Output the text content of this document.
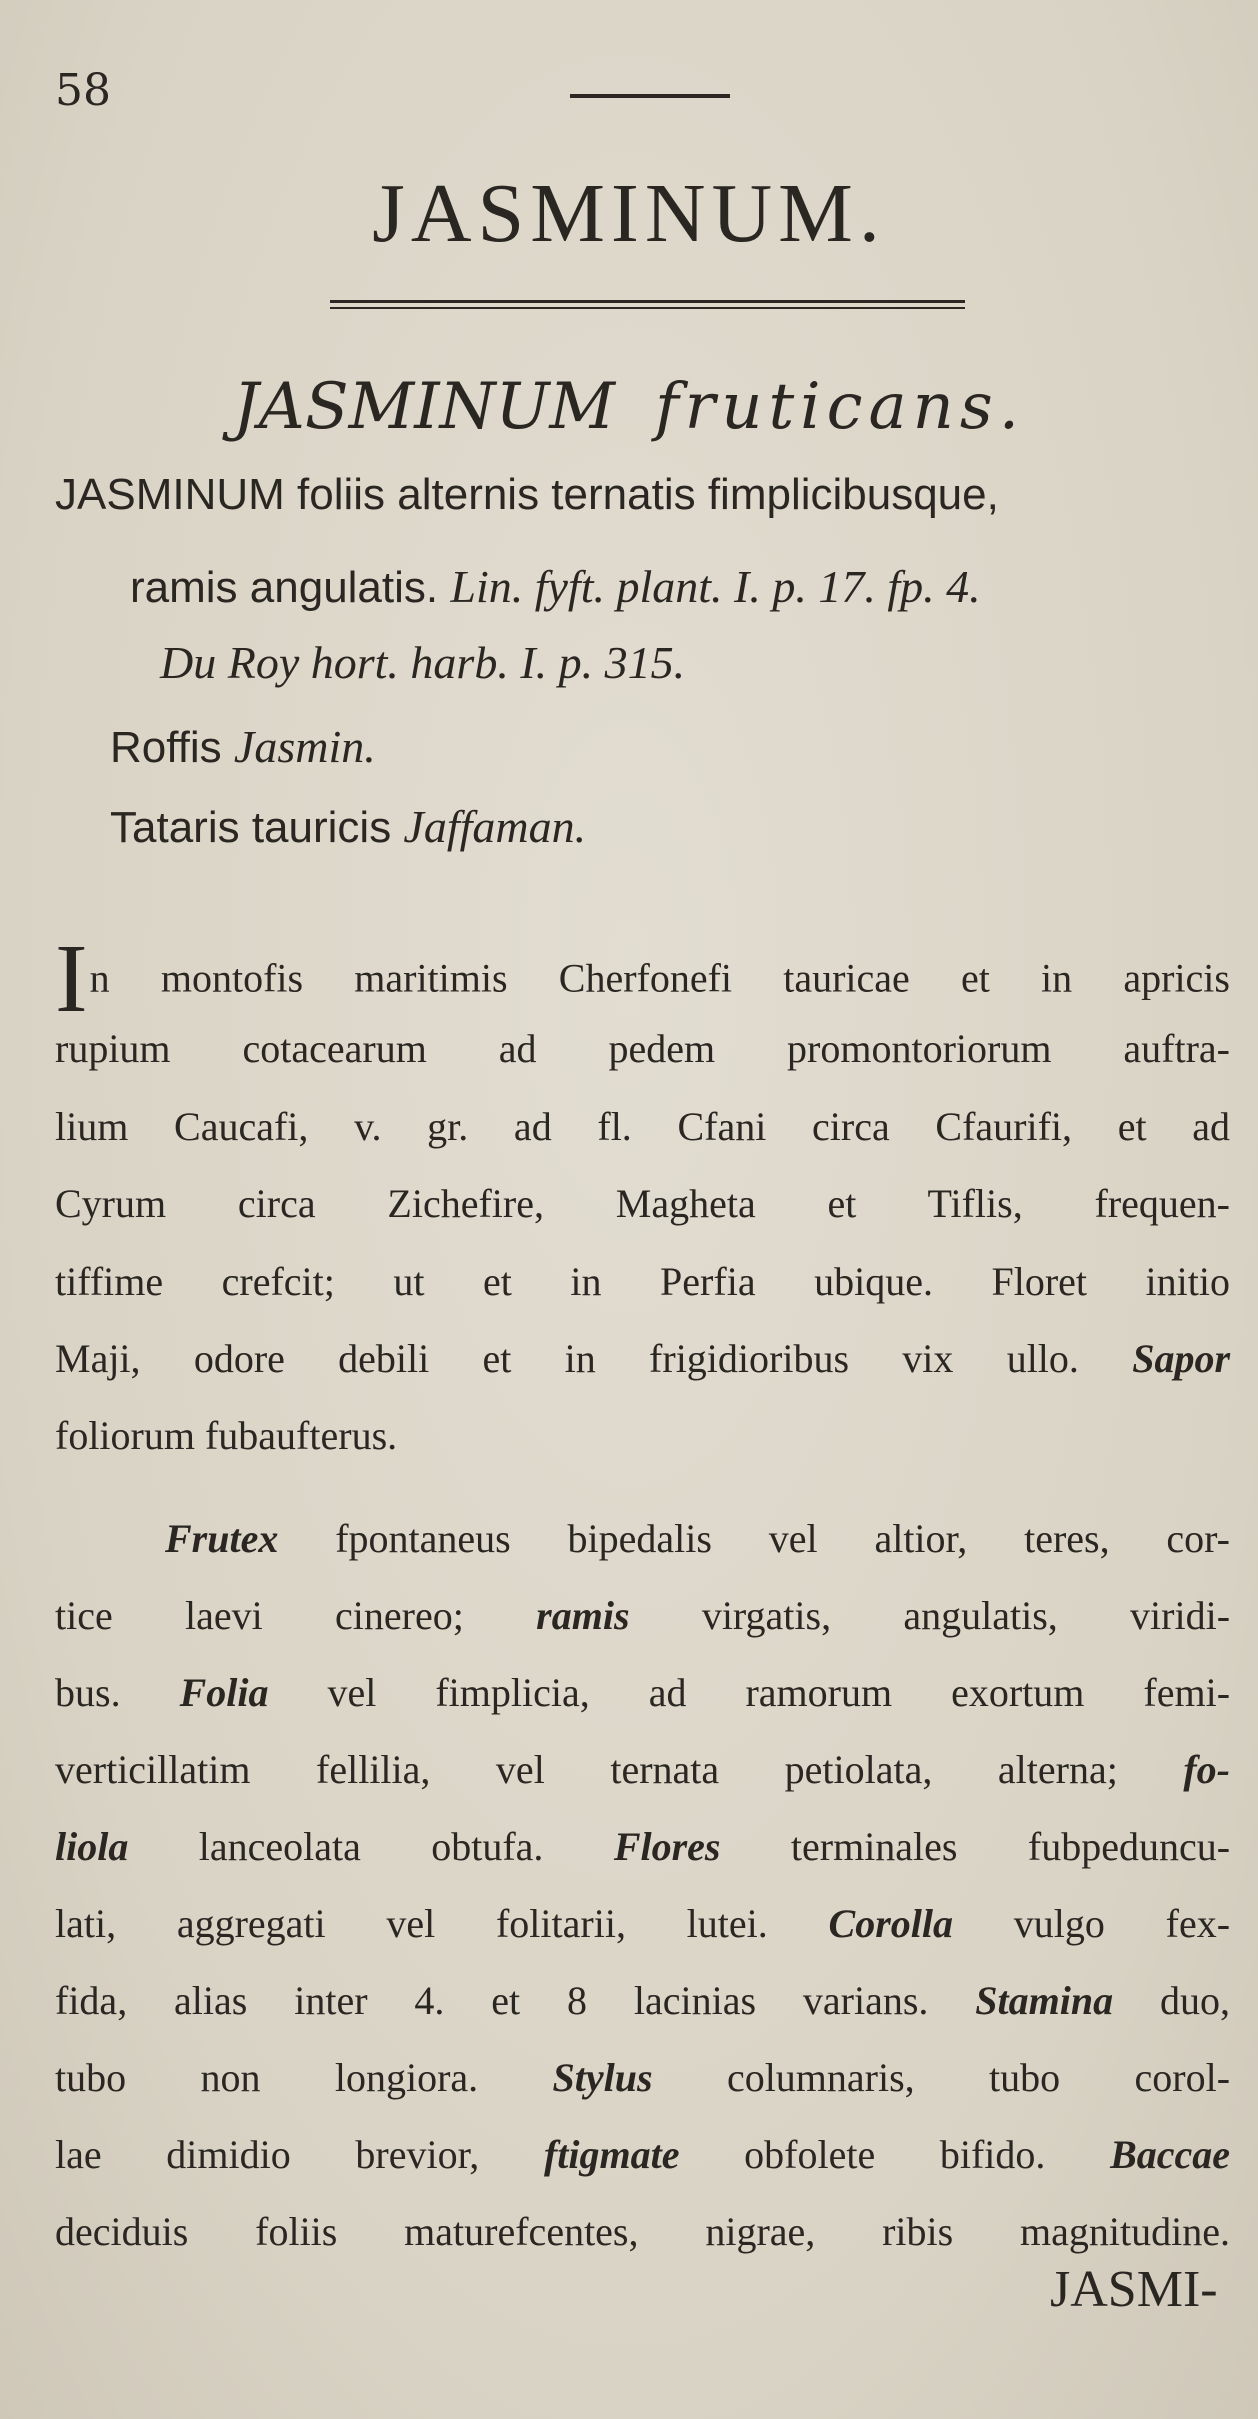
58
JASMINUM.
JASMINUM fruticans.
JASMINUM foliis alternis ternatis fimplicibusque,
ramis angulatis. Lin. fyft. plant. I. p. 17. fp. 4.
Du Roy hort. harb. I. p. 315.
Roffis Jasmin.
Tataris tauricis Jaffaman.
In montofis maritimis Cherfonefi tauricae et in apricis
rupium cotacearum ad pedem promontoriorum auftra-
lium Caucafi, v. gr. ad fl. Cfani circa Cfaurifi, et ad
Cyrum circa Zichefire, Magheta et Tiflis, frequen-
tiffime crefcit; ut et in Perfia ubique. Floret initio
Maji, odore debili et in frigidioribus vix ullo. Sapor
foliorum fubaufterus.
Frutex fpontaneus bipedalis vel altior, teres, cor-
tice laevi cinereo; ramis virgatis, angulatis, viridi-
bus. Folia vel fimplicia, ad ramorum exortum femi-
verticillatim fellilia, vel ternata petiolata, alterna; fo-
liola lanceolata obtufa. Flores terminales fubpeduncu-
lati, aggregati vel folitarii, lutei. Corolla vulgo fex-
fida, alias inter 4. et 8 lacinias varians. Stamina duo,
tubo non longiora. Stylus columnaris, tubo corol-
lae dimidio brevior, ftigmate obfolete bifido. Baccae
deciduis foliis maturefcentes, nigrae, ribis magnitudine.
JASMI-
